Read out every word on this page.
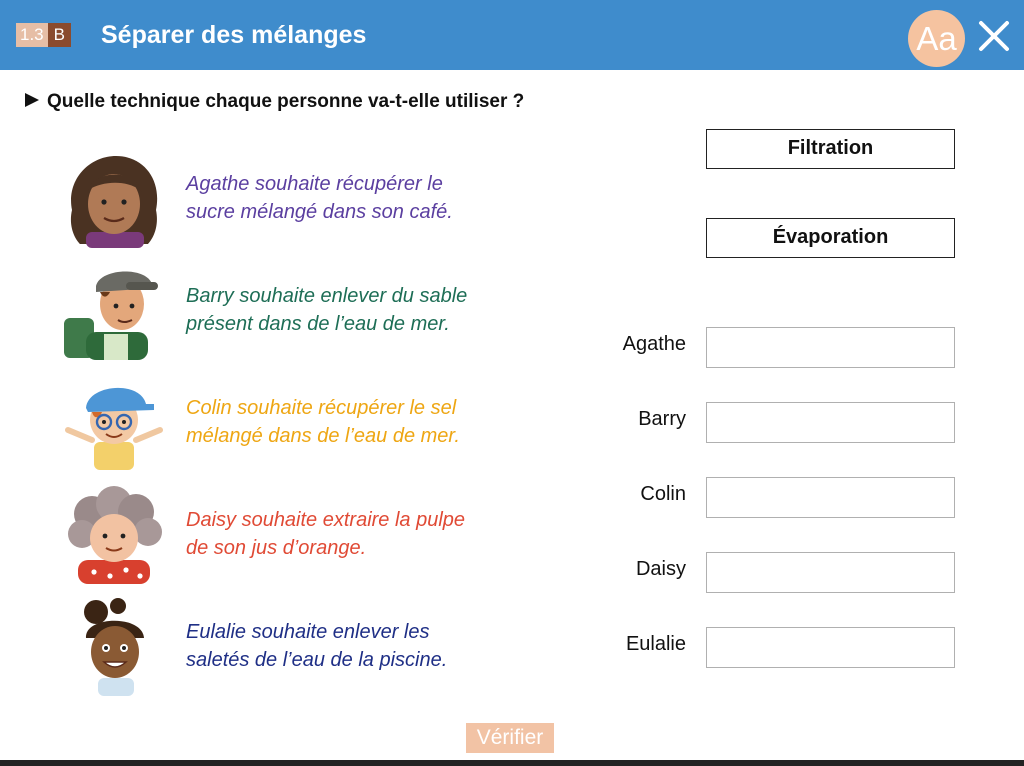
1.3 B Séparer des mélanges	Aa
Quelle technique chaque personne va-t-elle utiliser ?
Agathe souhaite récupérer le
sucre mélangé dans son café.
Barry souhaite enlever du sable
présent dans de l’eau de mer.
Colin souhaite récupérer le sel
mélangé dans de l’eau de mer.
Daisy souhaite extraire la pulpe
de son jus d’orange.
Eulalie souhaite enlever les
saletés de l’eau de la piscine.
Filtration
Évaporation
Agathe
Barry
Colin
Daisy
Eulalie
Vérifier
